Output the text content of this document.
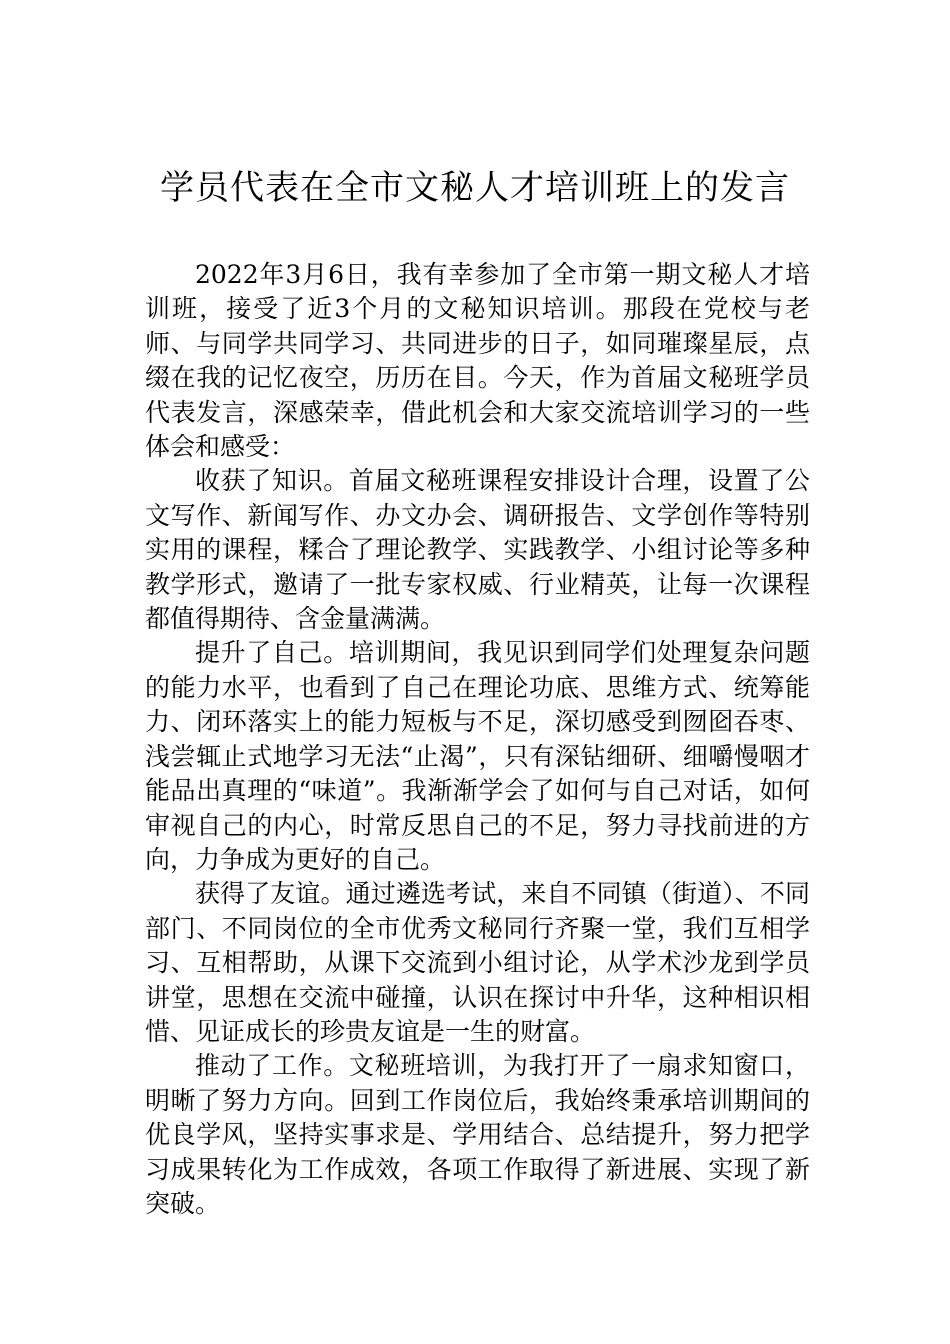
学员代表在全市文秘人才培训班上的发言

2022年3月6日，我有幸参加了全市第一期文秘人才培训班，接受了近3个月的文秘知识培训。那段在党校与老师、与同学共同学习、共同进步的日子，如同璀璨星辰，点缀在我的记忆夜空，历历在目。今天，作为首届文秘班学员代表发言，深感荣幸，借此机会和大家交流培训学习的一些体会和感受：

收获了知识。首届文秘班课程安排设计合理，设置了公文写作、新闻写作、办文办会、调研报告、文学创作等特别实用的课程，糅合了理论教学、实践教学、小组讨论等多种教学形式，邀请了一批专家权威、行业精英，让每一次课程都值得期待、含金量满满。

提升了自己。培训期间，我见识到同学们处理复杂问题的能力水平，也看到了自己在理论功底、思维方式、统筹能力、闭环落实上的能力短板与不足，深切感受到囫囵吞枣、浅尝辄止式地学习无法“止渴”，只有深钻细研、细嚼慢咽才能品出真理的“味道”。我渐渐学会了如何与自己对话，如何审视自己的内心，时常反思自己的不足，努力寻找前进的方向，力争成为更好的自己。

获得了友谊。通过遴选考试，来自不同镇（街道）、不同部门、不同岗位的全市优秀文秘同行齐聚一堂，我们互相学习、互相帮助，从课下交流到小组讨论，从学术沙龙到学员讲堂，思想在交流中碰撞，认识在探讨中升华，这种相识相惜、见证成长的珍贵友谊是一生的财富。

推动了工作。文秘班培训，为我打开了一扇求知窗口，明晰了努力方向。回到工作岗位后，我始终秉承培训期间的优良学风，坚持实事求是、学用结合、总结提升，努力把学习成果转化为工作成效，各项工作取得了新进展、实现了新突破。
